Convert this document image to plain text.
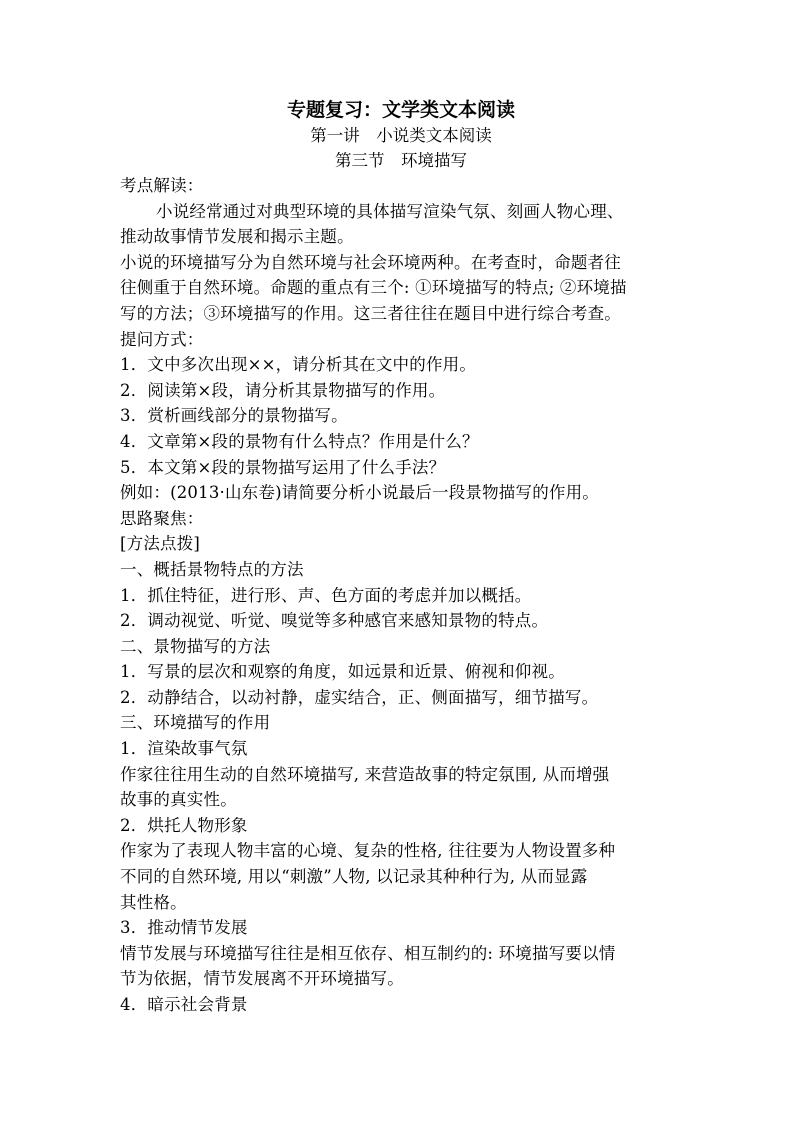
专题复习：文学类文本阅读

第一讲　小说类文本阅读

第三节　环境描写

考点解读：

小说经常通过对典型环境的具体描写渲染气氛、刻画人物心理、

推动故事情节发展和揭示主题。

小说的环境描写分为自然环境与社会环境两种。在考查时，命题者往

往侧重于自然环境。命题的重点有三个: ①环境描写的特点; ②环境描

写的方法；③环境描写的作用。这三者往往在题目中进行综合考查。

提问方式：

1．文中多次出现××，请分析其在文中的作用。

2．阅读第×段，请分析其景物描写的作用。

3．赏析画线部分的景物描写。

4．文章第×段的景物有什么特点？作用是什么？

5．本文第×段的景物描写运用了什么手法？

例如：(2013·山东卷)请简要分析小说最后一段景物描写的作用。

思路聚焦：

[方法点拨]

一、概括景物特点的方法

1．抓住特征，进行形、声、色方面的考虑并加以概括。

2．调动视觉、听觉、嗅觉等多种感官来感知景物的特点。

二、景物描写的方法

1．写景的层次和观察的角度，如远景和近景、俯视和仰视。

2．动静结合，以动衬静，虚实结合，正、侧面描写，细节描写。

三、环境描写的作用

1．渲染故事气氛

作家往往用生动的自然环境描写, 来营造故事的特定氛围, 从而增强

故事的真实性。

2．烘托人物形象

作家为了表现人物丰富的心境、复杂的性格, 往往要为人物设置多种

不同的自然环境, 用以“刺激”人物, 以记录其种种行为, 从而显露

其性格。

3．推动情节发展

情节发展与环境描写往往是相互依存、相互制约的: 环境描写要以情

节为依据，情节发展离不开环境描写。

4．暗示社会背景
